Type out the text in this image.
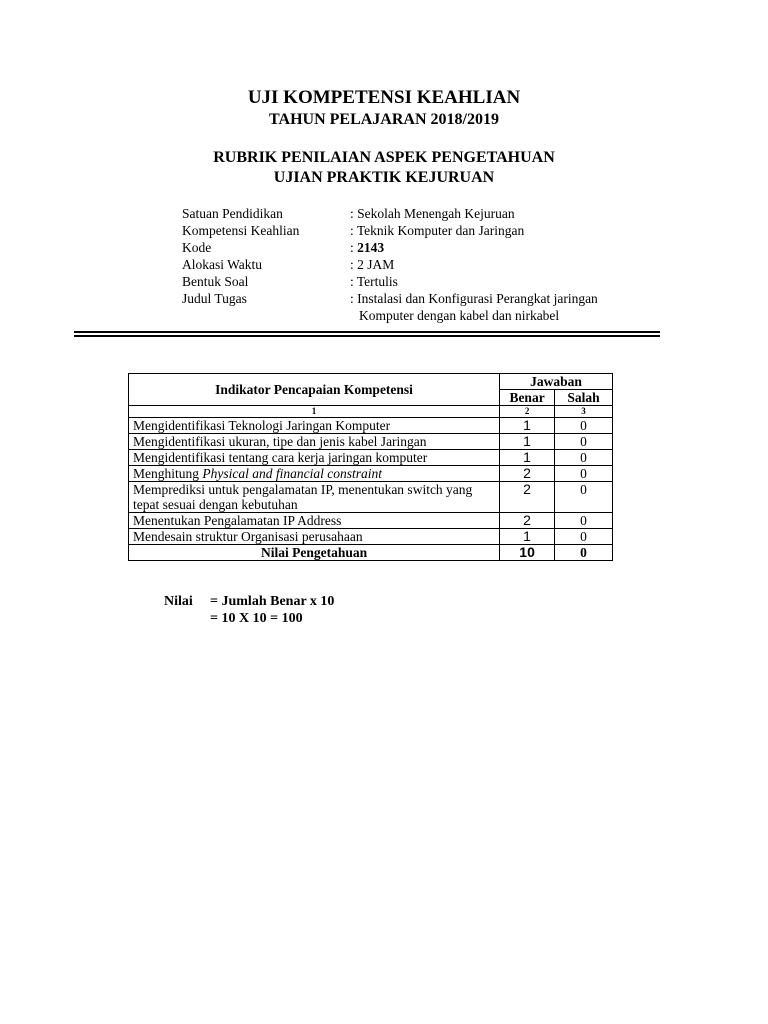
UJI KOMPETENSI KEAHLIAN
TAHUN PELAJARAN 2018/2019
RUBRIK PENILAIAN ASPEK PENGETAHUAN
UJIAN PRAKTIK KEJURUAN
Satuan Pendidikan	: Sekolah Menengah Kejuruan
Kompetensi Keahlian	: Teknik Komputer dan Jaringan
Kode	: 2143
Alokasi Waktu	: 2 JAM
Bentuk Soal	: Tertulis
Judul Tugas	: Instalasi dan Konfigurasi Perangkat jaringan
Komputer dengan kabel dan nirkabel
Indikator Pencapaian Kompetensi	Jawaban	
	Benar	Salah
1	2	3
Mengidentifikasi Teknologi Jaringan Komputer	1	0
Mengidentifikasi ukuran, tipe dan jenis kabel Jaringan	1	0
Mengidentifikasi tentang cara kerja jaringan komputer	1	0
Menghitung Physical and financial constraint	2	0
Memprediksi untuk pengalamatan IP, menentukan switch yang tepat sesuai dengan kebutuhan	2	0
Menentukan Pengalamatan IP Address	2	0
Mendesain struktur Organisasi perusahaan	1	0
Nilai Pengetahuan	10	0
Nilai	= Jumlah Benar x 10
= 10 X 10 = 100
